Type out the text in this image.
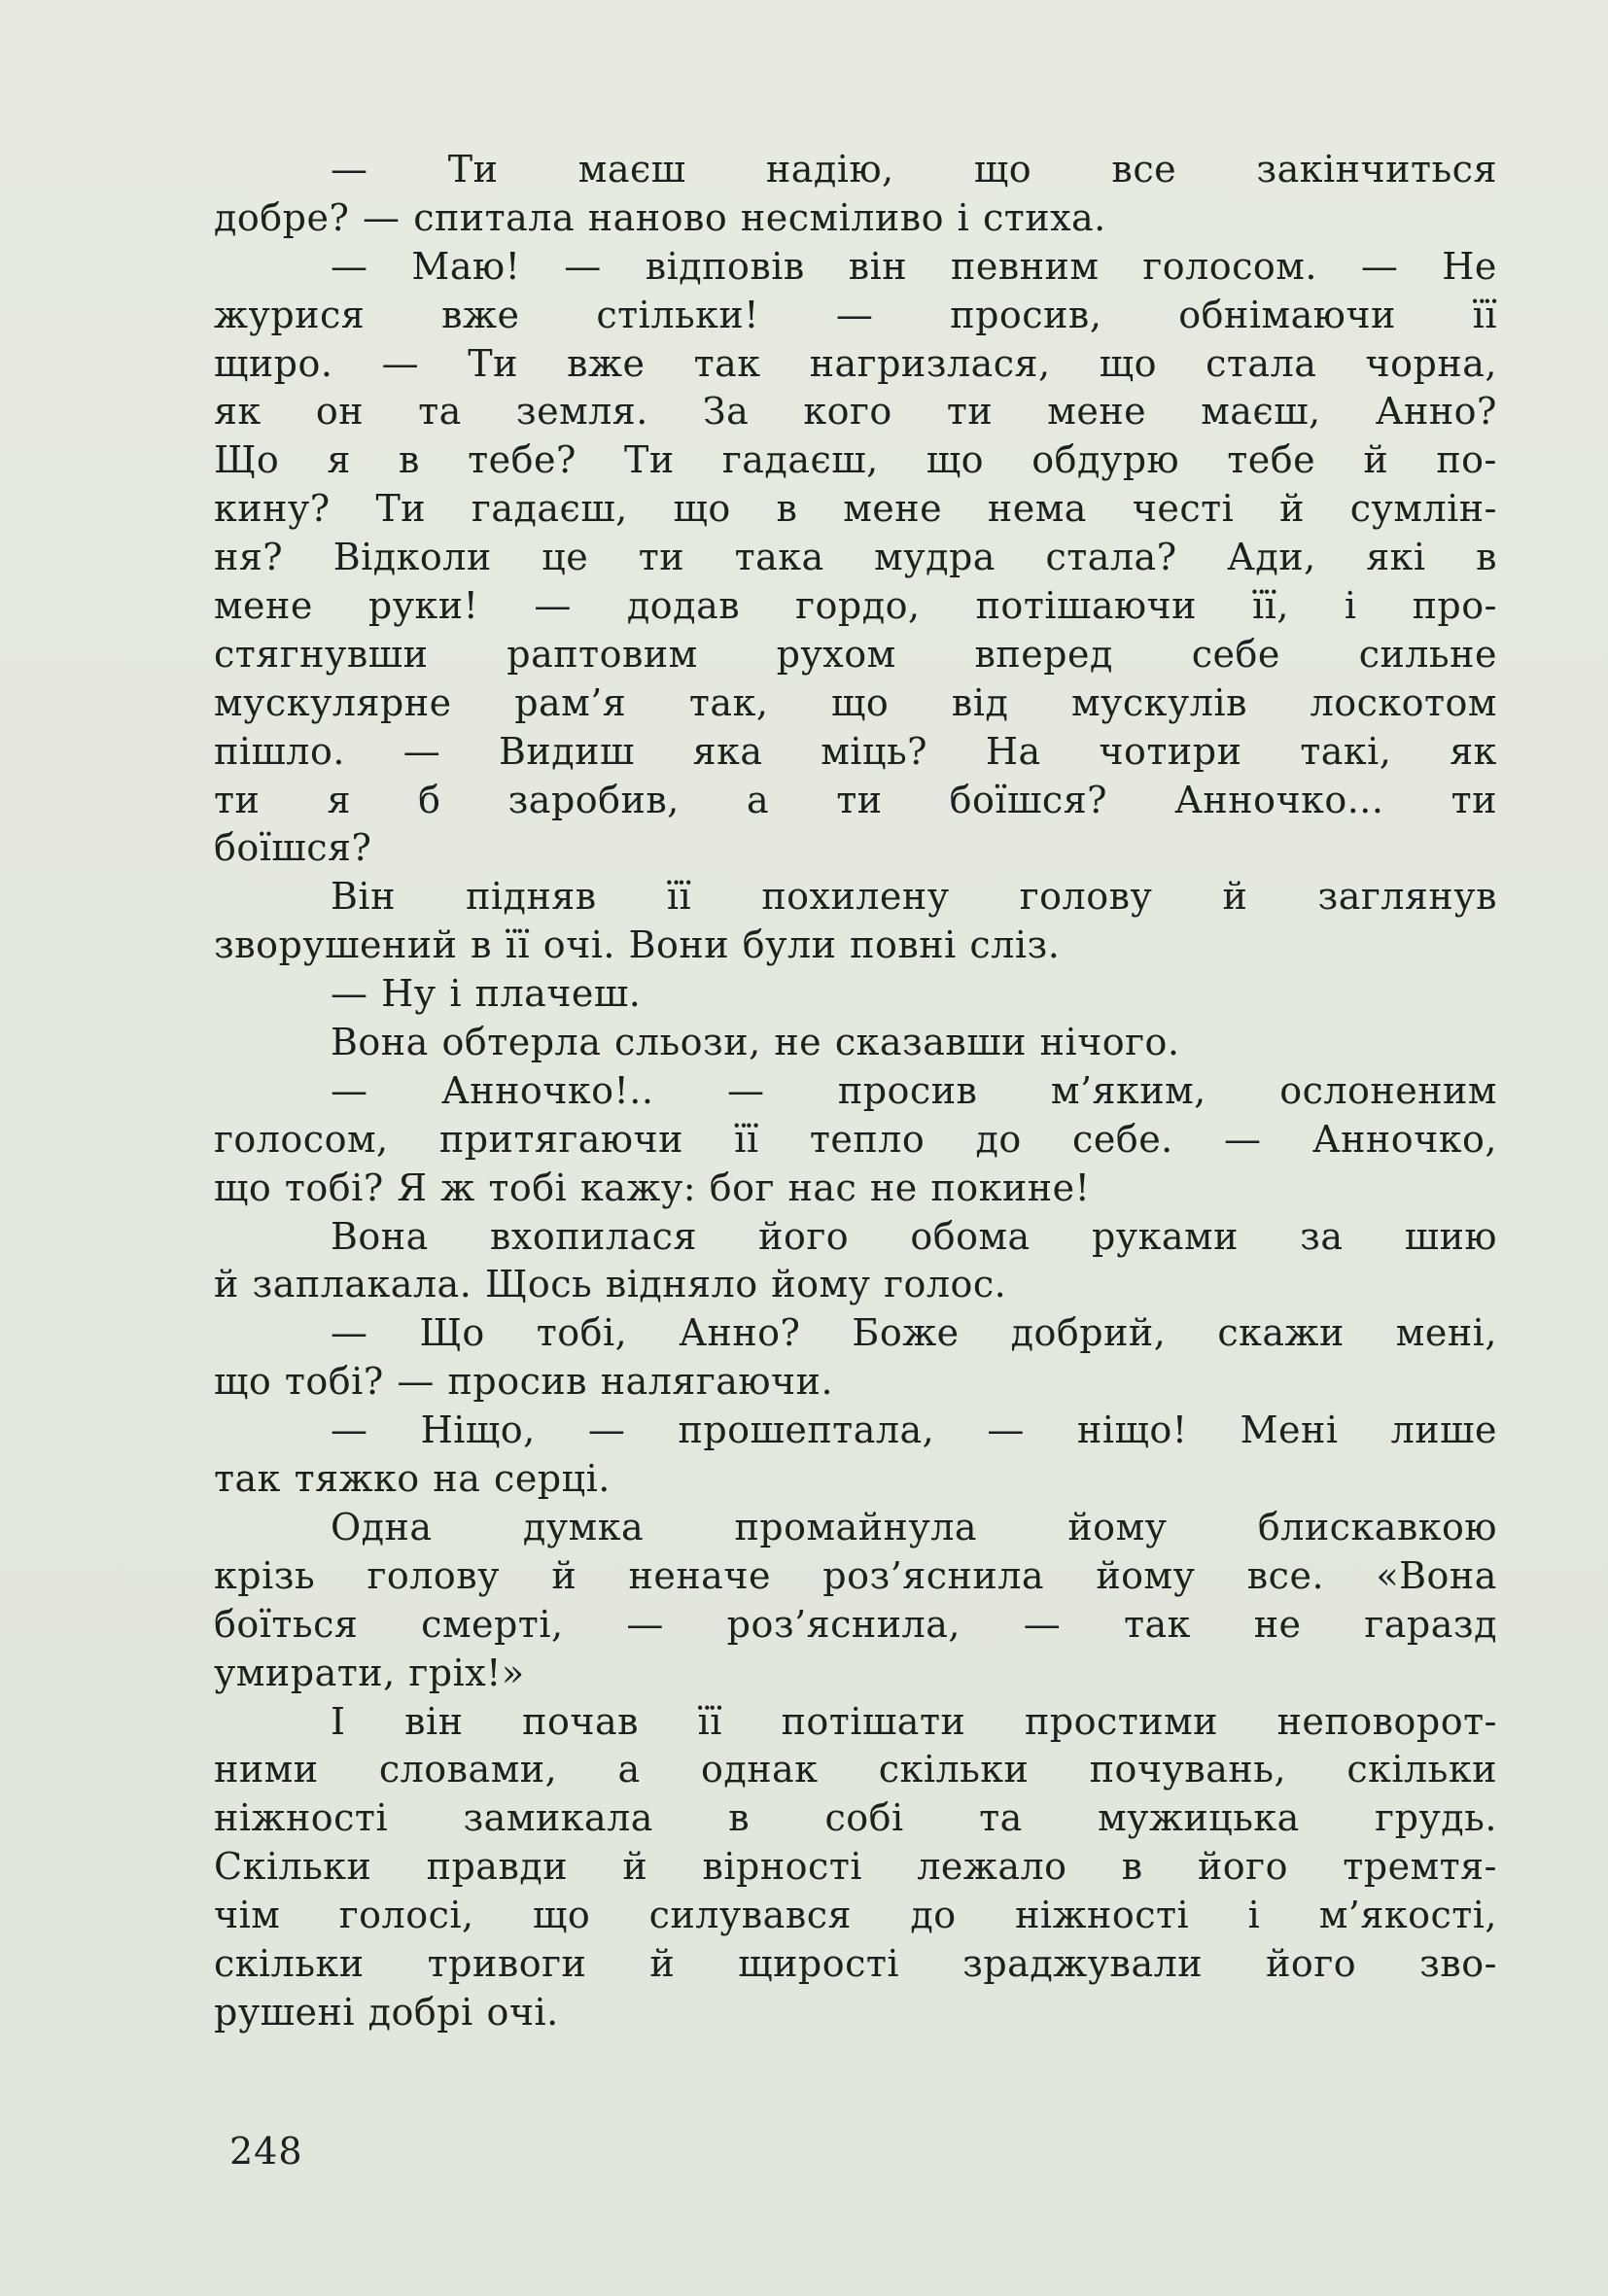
— Ти маєш надію, що все закінчиться
добре? — спитала наново несміливо і стиха.
— Маю! — відповів він певним голосом. — Не
журися вже стільки! — просив, обнімаючи її
щиро. — Ти вже так нагризлася, що стала чорна,
як он та земля. За кого ти мене маєш, Анно?
Що я в тебе? Ти гадаєш, що обдурю тебе й по-
кину? Ти гадаєш, що в мене нема честі й сумлін-
ня? Відколи це ти така мудра стала? Ади, які в
мене руки! — додав гордо, потішаючи її, і про-
стягнувши раптовим рухом вперед себе сильне
мускулярне рам’я так, що від мускулів лоскотом
пішло. — Видиш яка міць? На чотири такі, як
ти я б заробив, а ти боїшся? Анночко... ти
боїшся?
Він підняв її похилену голову й заглянув
зворушений в її очі. Вони були повні сліз.
— Ну і плачеш.
Вона обтерла сльози, не сказавши нічого.
— Анночко!.. — просив м’яким, ослоненим
голосом, притягаючи її тепло до себе. — Анночко,
що тобі? Я ж тобі кажу: бог нас не покине!
Вона вхопилася його обома руками за шию
й заплакала. Щось відняло йому голос.
— Що тобі, Анно? Боже добрий, скажи мені,
що тобі? — просив налягаючи.
— Ніщо, — прошептала, — ніщо! Мені лише
так тяжко на серці.
Одна думка промайнула йому блискавкою
крізь голову й неначе роз’яснила йому все. «Вона
боїться смерті, — роз’яснила, — так не гаразд
умирати, гріх!»
І він почав її потішати простими неповорот-
ними словами, а однак скільки почувань, скільки
ніжності замикала в собі та мужицька грудь.
Скільки правди й вірності лежало в його тремтя-
чім голосі, що силувався до ніжності і м’якості,
скільки тривоги й щирості зраджували його зво-
рушені добрі очі.
248
